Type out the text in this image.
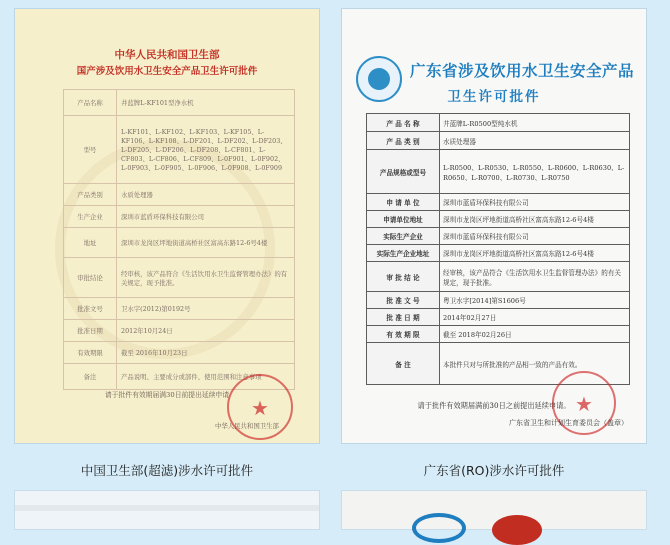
中华人民共和国卫生部
国产涉及饮用水卫生安全产品卫生许可批件
产品名称	井蓝牌L-KF101型净水机
型号	L-KF101、L-KF102、L-KF103、L-KF105、L-KF106、L-KF108、L-DF201、L-DF202、L-DF203、L-DF205、L-DF206、L-DF208、L-CF801、L-CF803、L-CF806、L-CF809、L-0F901、L-0F902、L-0F903、L-0F905、L-0F906、L-0F908、L-0F909
产品类别	水质处理器
生产企业	深圳市蓝盾环保科技有限公司
地址	深圳市龙岗区坪地街道高桥社区富高东路12-6号4楼
审批结论	经审核，该产品符合《生活饮用水卫生监督管理办法》的有关规定，现予批准。
批准文号	卫水字(2012)第0192号
批准日期	2012年10月24日
有效期限	截至 2016年10月23日
备注	产品说明、主要成分或部件、使用范围和注意事项
请于批件有效期届满30日前提出延续申请
★
中华人民共和国卫生部
广东省涉及饮用水卫生安全产品
卫生许可批件
产 品 名 称	井蓝牌L-R0500型纯水机
产 品 类 别	水质处理器
产品规格或型号	L-R0500、L-R0530、L-R0550、L-R0600、L-R0630、L-R0650、L-R0700、L-R0730、L-R0750
申 请 单 位	深圳市蓝盾环保科技有限公司
申请单位地址	深圳市龙岗区坪地街道高桥社区富高东路12-6号4楼
实际生产企业	深圳市蓝盾环保科技有限公司
实际生产企业地址	深圳市龙岗区坪地街道高桥社区富高东路12-6号4楼
审 批 结 论	经审核，该产品符合《生活饮用水卫生监督管理办法》的有关规定，现予批准。
批 准 文 号	粤卫水字[2014]第S1606号
批 准 日 期	2014年02月27日
有 效 期 限	截至 2018年02月26日
备 注	本批件只对与所批准的产品相一致的产品有效。
请于批件有效期届满前30日之前提出延续申请。 ★
广东省卫生和计划生育委员会（盖章）
中国卫生部(超滤)涉水许可批件	广东省(RO)涉水许可批件
